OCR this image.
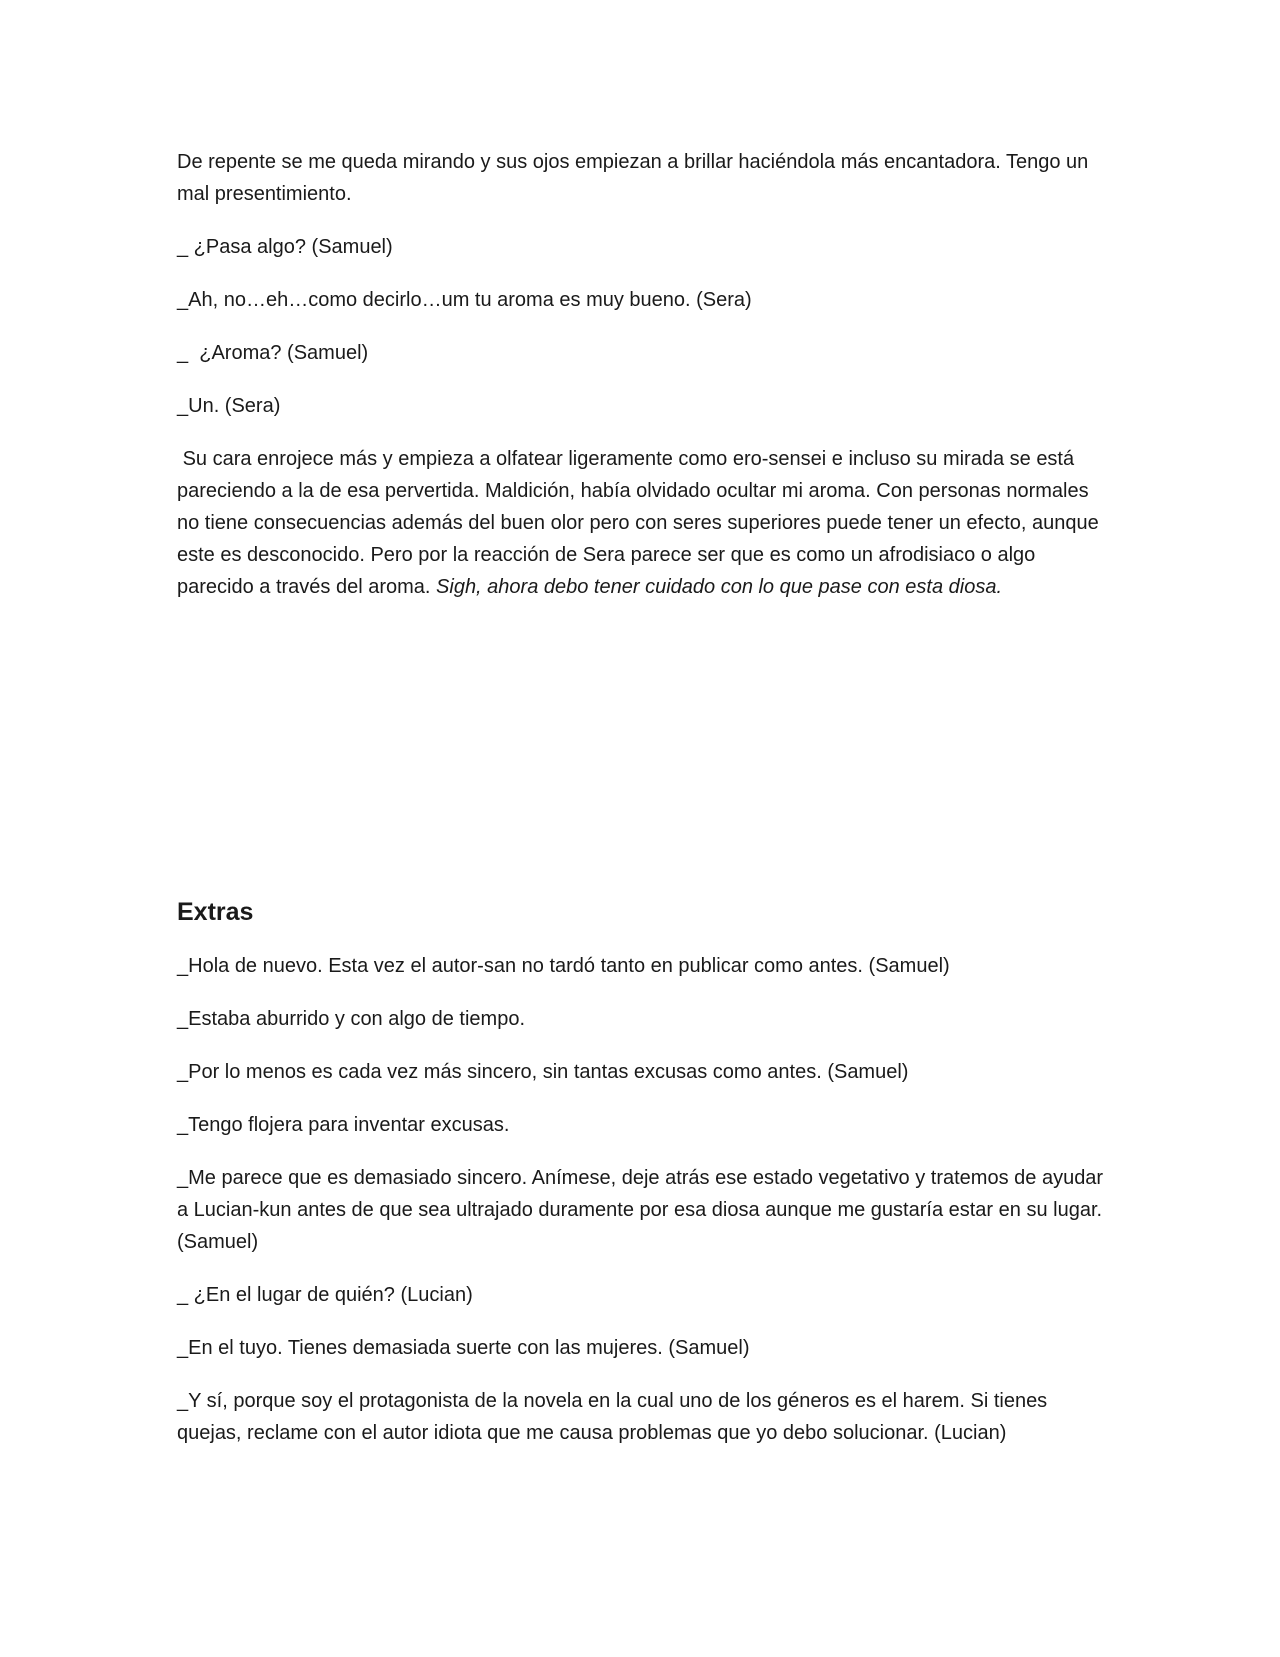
De repente se me queda mirando y sus ojos empiezan a brillar haciéndola más encantadora. Tengo un mal presentimiento.

_ ¿Pasa algo? (Samuel)

_Ah, no…eh…como decirlo…um tu aroma es muy bueno. (Sera)

_  ¿Aroma? (Samuel)

_Un. (Sera)

Su cara enrojece más y empieza a olfatear ligeramente como ero-sensei e incluso su mirada se está pareciendo a la de esa pervertida. Maldición, había olvidado ocultar mi aroma. Con personas normales no tiene consecuencias además del buen olor pero con seres superiores puede tener un efecto, aunque este es desconocido. Pero por la reacción de Sera parece ser que es como un afrodisiaco o algo parecido a través del aroma. Sigh, ahora debo tener cuidado con lo que pase con esta diosa.

Extras

_Hola de nuevo. Esta vez el autor-san no tardó tanto en publicar como antes. (Samuel)

_Estaba aburrido y con algo de tiempo.

_Por lo menos es cada vez más sincero, sin tantas excusas como antes. (Samuel)

_Tengo flojera para inventar excusas.

_Me parece que es demasiado sincero. Anímese, deje atrás ese estado vegetativo y tratemos de ayudar a Lucian-kun antes de que sea ultrajado duramente por esa diosa aunque me gustaría estar en su lugar. (Samuel)

_ ¿En el lugar de quién? (Lucian)

_En el tuyo. Tienes demasiada suerte con las mujeres. (Samuel)

_Y sí, porque soy el protagonista de la novela en la cual uno de los géneros es el harem. Si tienes quejas, reclame con el autor idiota que me causa problemas que yo debo solucionar. (Lucian)
